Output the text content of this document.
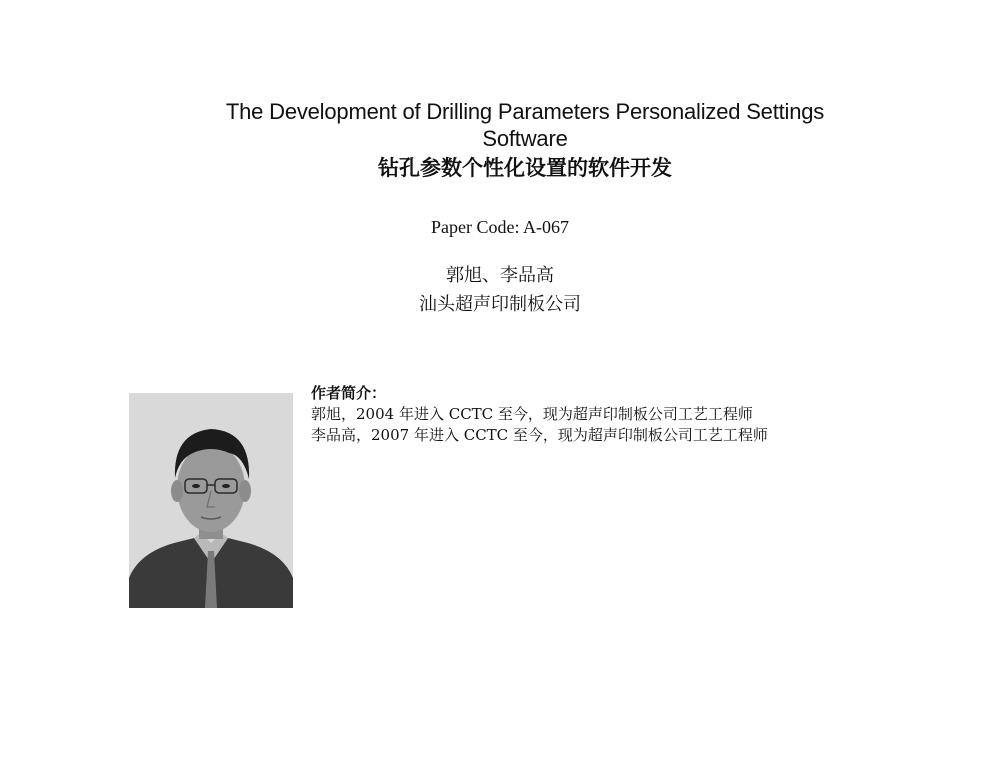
The Development of Drilling Parameters Personalized Settings
Software
钻孔参数个性化设置的软件开发
Paper Code: A-067
郭旭、李品高
汕头超声印制板公司

作者简介：

郭旭，2004 年进入 CCTC 至今，现为超声印制板公司工艺工程师

李品高，2007 年进入 CCTC 至今，现为超声印制板公司工艺工程师
